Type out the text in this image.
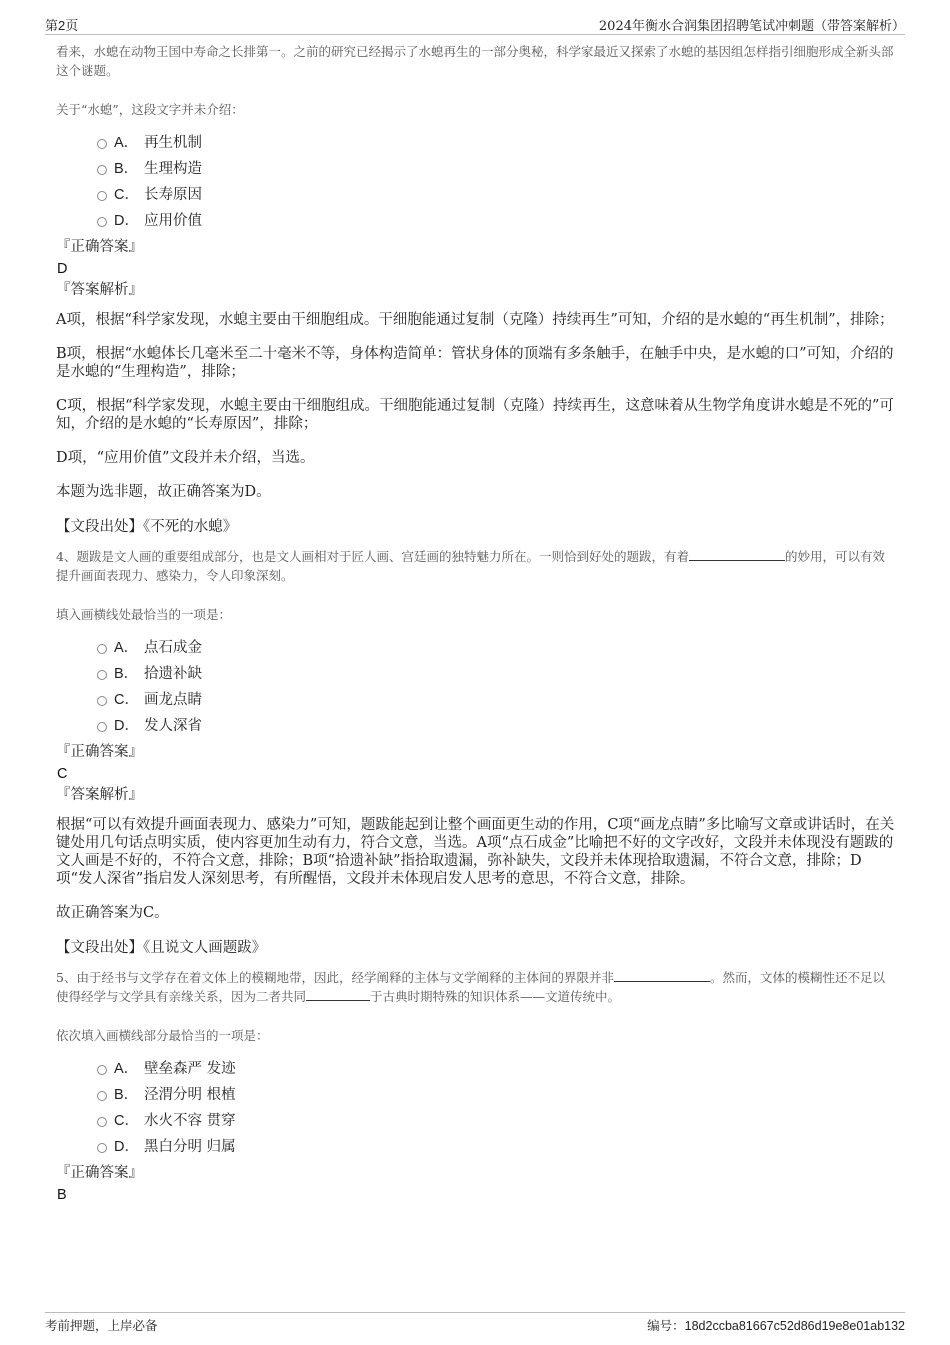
第2页	2024年衡水合润集团招聘笔试冲刺题（带答案解析）

看来，水螅在动物王国中寿命之长排第一。之前的研究已经揭示了水螅再生的一部分奥秘，科学家最近又探索了水螅的基因组怎样指引细胞形成全新头部这个谜题。

关于“水螅”，这段文字并未介绍：

A． 再生机制
B． 生理构造
C． 长寿原因
D． 应用价值

『正确答案』

D

『答案解析』

A项，根据“科学家发现，水螅主要由干细胞组成。干细胞能通过复制（克隆）持续再生”可知，介绍的是水螅的“再生机制”，排除；

B项，根据“水螅体长几毫米至二十毫米不等，身体构造简单：管状身体的顶端有多条触手，在触手中央，是水螅的口”可知，介绍的是水螅的“生理构造”，排除；

C项，根据“科学家发现，水螅主要由干细胞组成。干细胞能通过复制（克隆）持续再生，这意味着从生物学角度讲水螅是不死的”可知，介绍的是水螅的“长寿原因”，排除；

D项，“应用价值”文段并未介绍，当选。

本题为选非题，故正确答案为D。

【文段出处】《不死的水螅》

4、题跋是文人画的重要组成部分，也是文人画相对于匠人画、宫廷画的独特魅力所在。一则恰到好处的题跋，有着	的妙用，可以有效提升画面表现力、感染力，令人印象深刻。

填入画横线处最恰当的一项是：

A． 点石成金
B． 拾遗补缺
C． 画龙点睛
D． 发人深省

『正确答案』

C

『答案解析』

根据“可以有效提升画面表现力、感染力”可知，题跋能起到让整个画面更生动的作用，C项“画龙点睛”多比喻写文章或讲话时，在关键处用几句话点明实质，使内容更加生动有力，符合文意，当选。A项“点石成金”比喻把不好的文字改好，文段并未体现没有题跋的文人画是不好的，不符合文意，排除；B项“拾遗补缺”指拾取遗漏，弥补缺失，文段并未体现拾取遗漏，不符合文意，排除；D项“发人深省”指启发人深刻思考，有所醒悟，文段并未体现启发人思考的意思，不符合文意，排除。

故正确答案为C。

【文段出处】《且说文人画题跋》

5、由于经书与文学存在着文体上的模糊地带，因此，经学阐释的主体与文学阐释的主体间的界限并非	。然而，文体的模糊性还不足以使得经学与文学具有亲缘关系，因为二者共同	于古典时期特殊的知识体系——文道传统中。

依次填入画横线部分最恰当的一项是：

A． 壁垒森严 发迹
B． 泾渭分明 根植
C． 水火不容 贯穿
D． 黑白分明 归属

『正确答案』

B

考前押题，上岸必备	编号：18d2ccba81667c52d86d19e8e01ab132
